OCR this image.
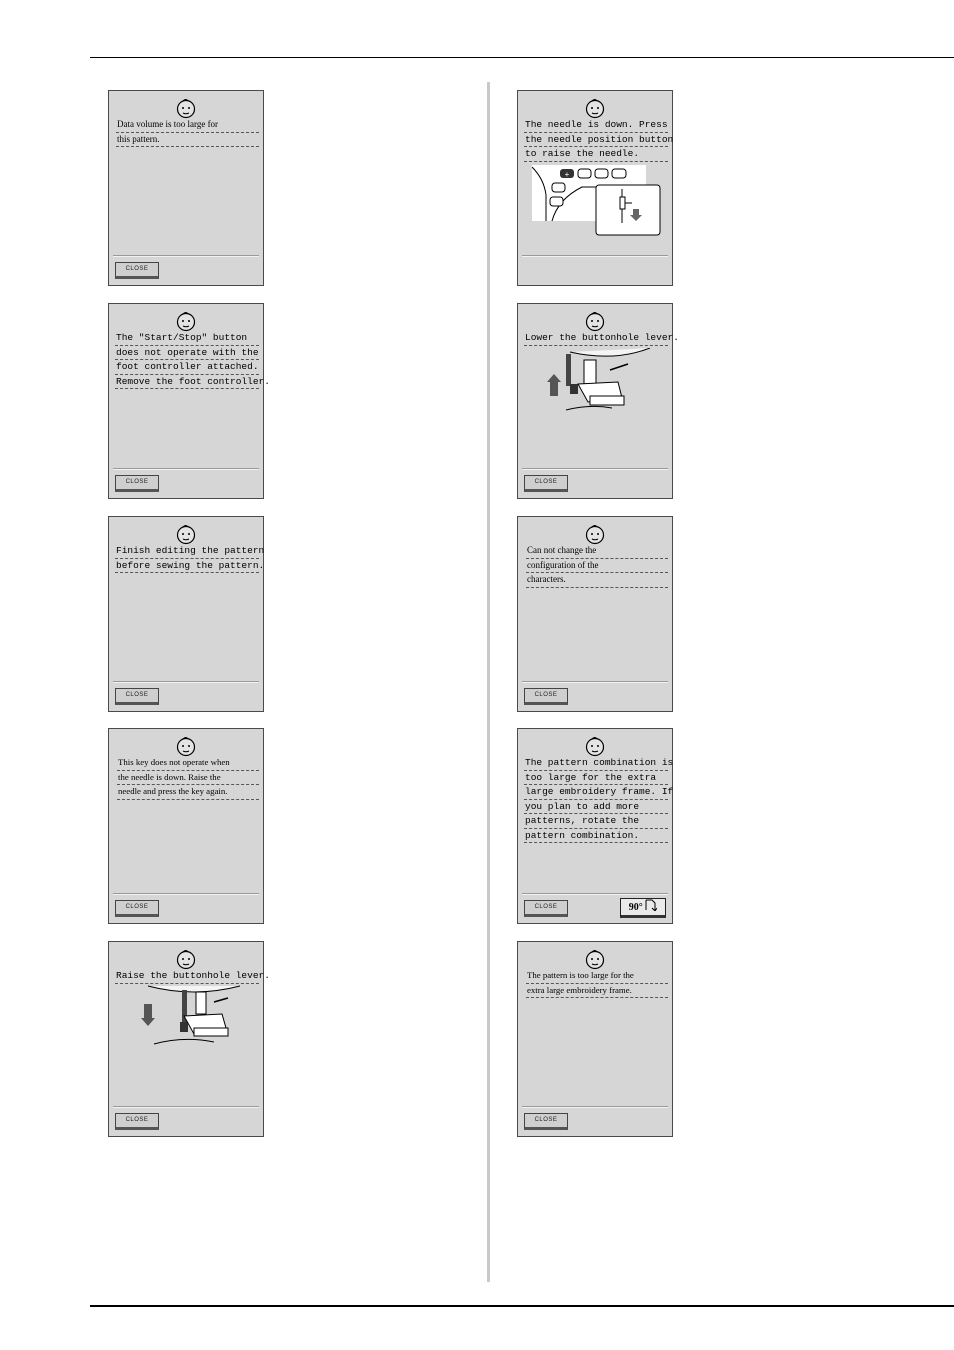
Data volume is too large for
this pattern.
CLOSE
The "Start/Stop" button
does not operate with the
foot controller attached.
Remove the foot controller.
CLOSE
Finish editing the pattern
before sewing the pattern.
CLOSE
This key does not operate when
the needle is down. Raise the
needle and press the key again.
CLOSE
Raise the buttonhole lever.
CLOSE
The needle is down. Press
the needle position button
to raise the needle.
+
Lower the buttonhole lever.
CLOSE
Can not change the
configuration of the
characters.
CLOSE
The pattern combination is
too large for the extra
large embroidery frame. If
you plan to add more
patterns, rotate the
pattern combination.
CLOSE	90°
The pattern is too large for the
extra large embroidery frame.
CLOSE
